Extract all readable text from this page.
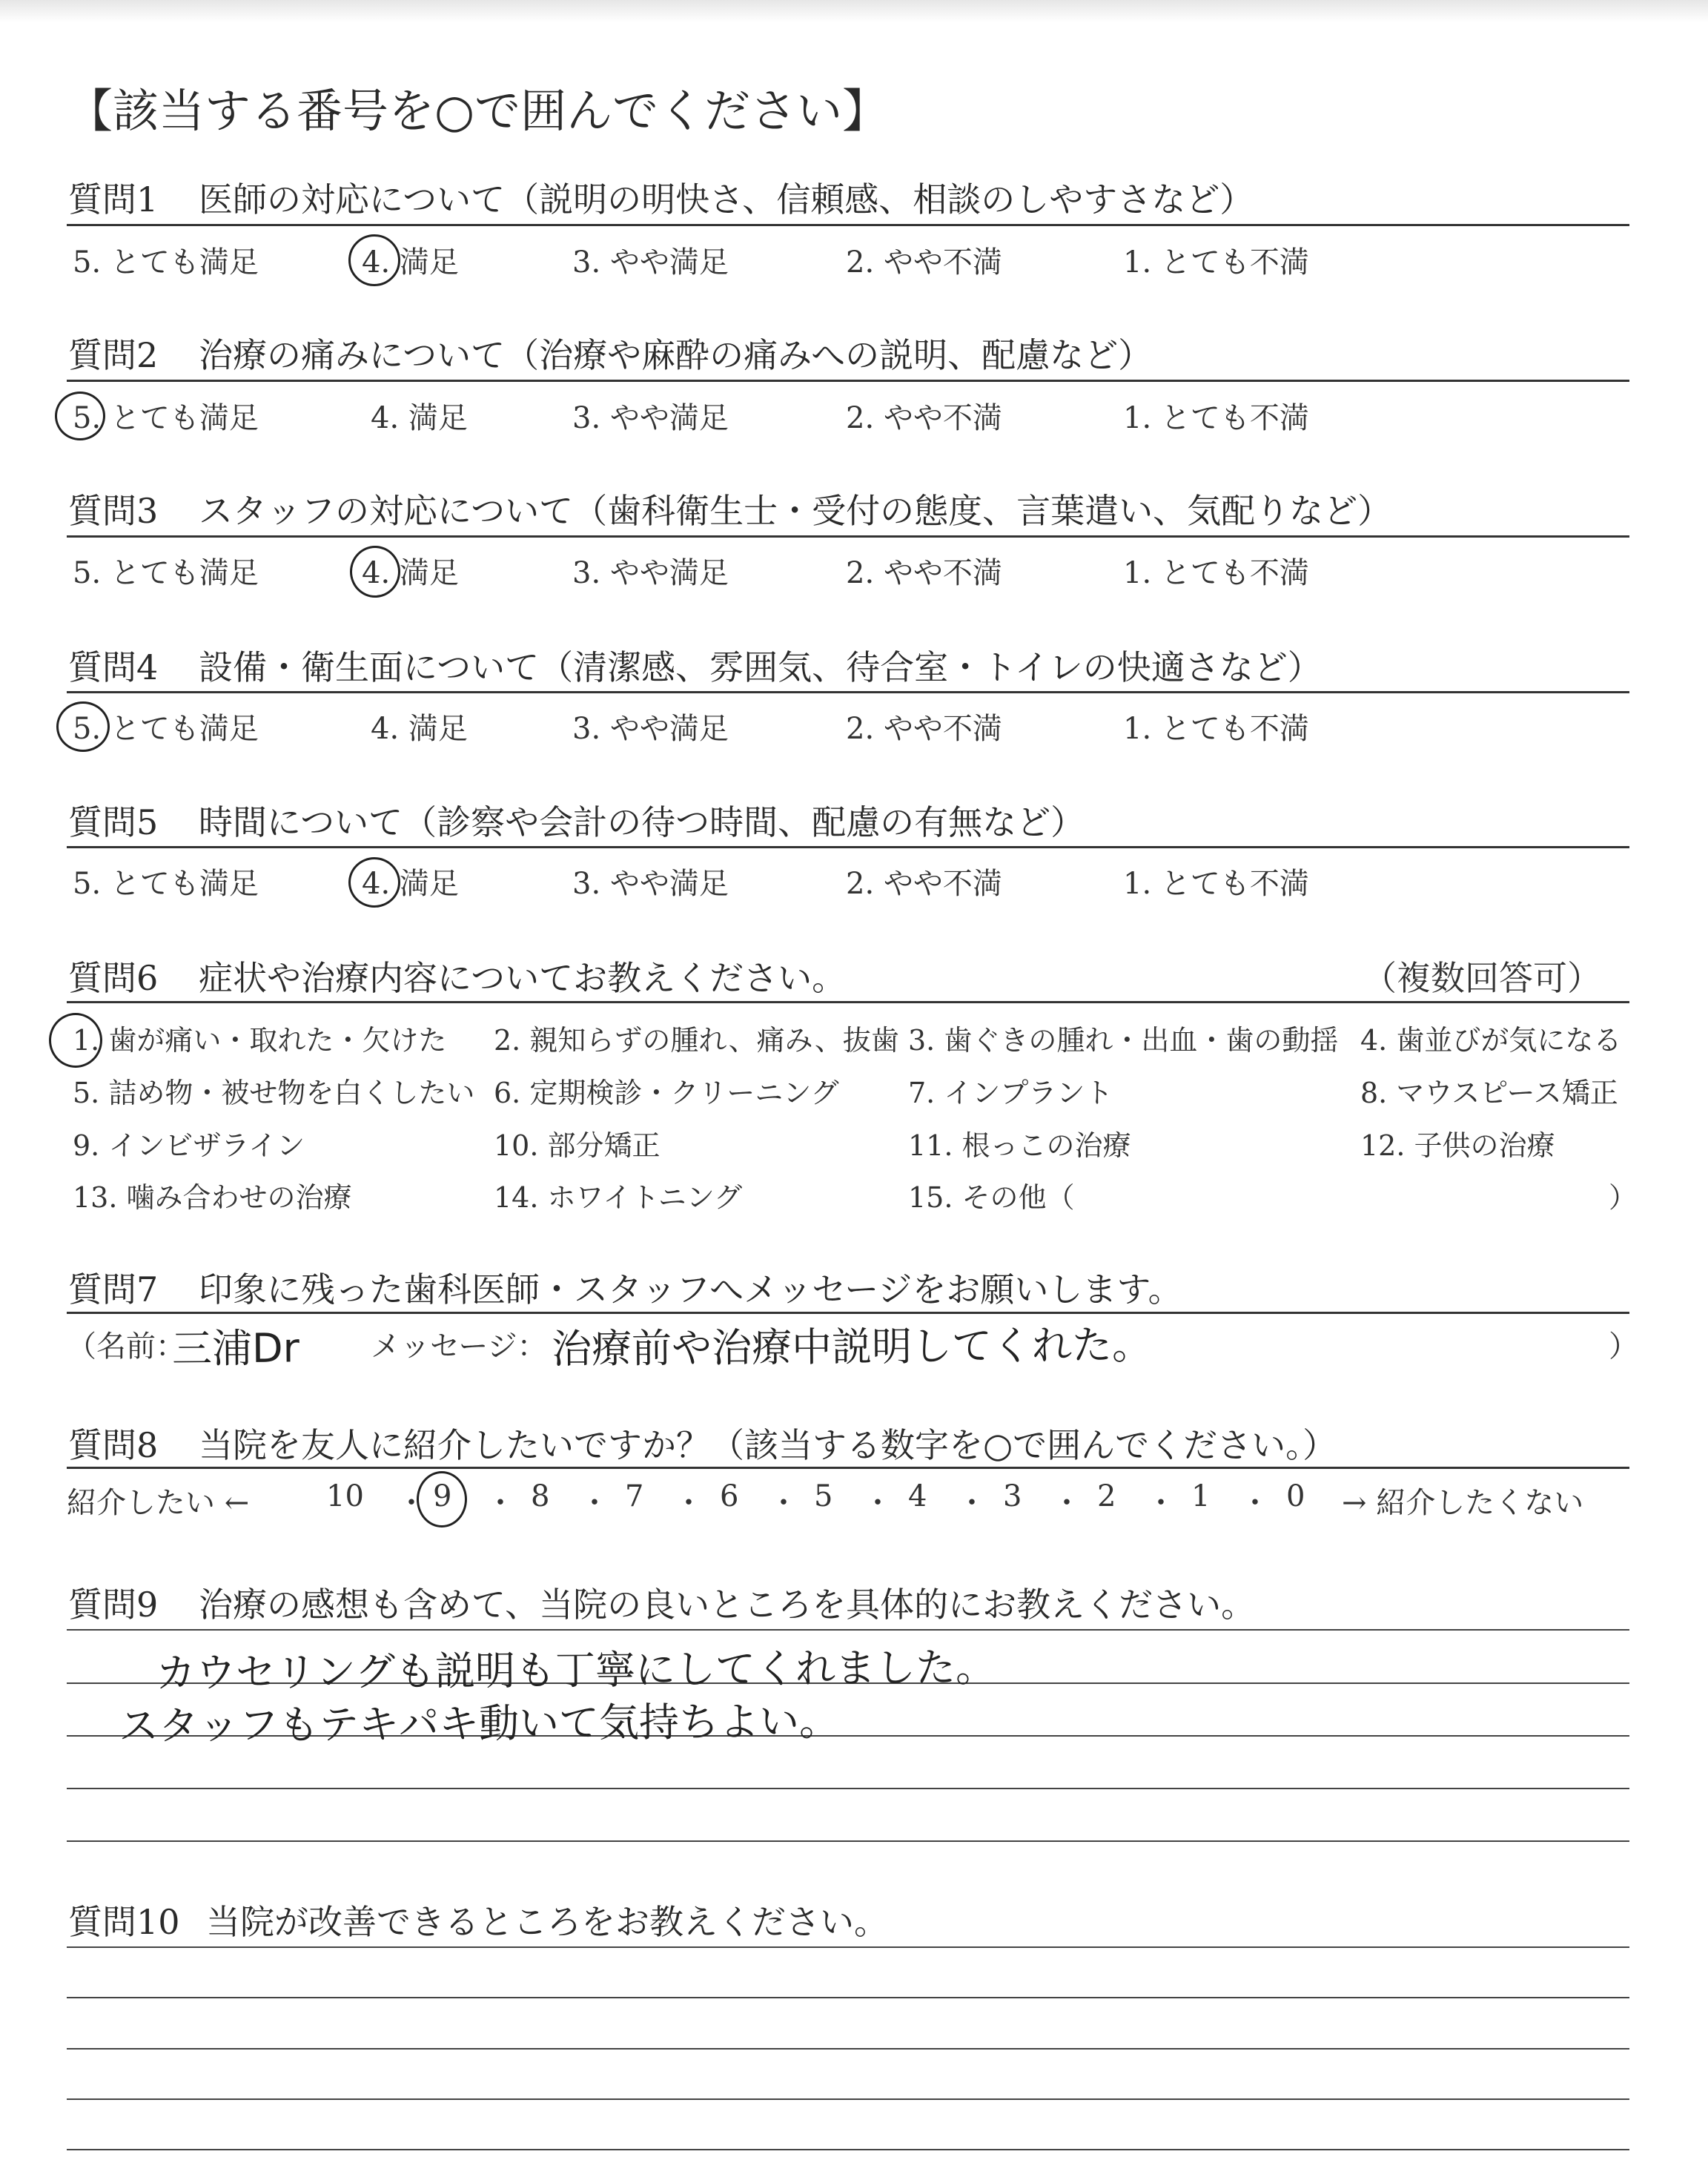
【該当する番号を○で囲んでください】
質問1 医師の対応について（説明の明快さ、信頼感、相談のしやすさなど）
5. とても満足	4. 満足	3. やや満足	2. やや不満	1. とても不満
質問2 治療の痛みについて（治療や麻酔の痛みへの説明、配慮など）
5. とても満足	4. 満足	3. やや満足	2. やや不満	1. とても不満
質問3 スタッフの対応について（歯科衛生士・受付の態度、言葉遣い、気配りなど）
5. とても満足	4. 満足	3. やや満足	2. やや不満	1. とても不満
質問4 設備・衛生面について（清潔感、雰囲気、待合室・トイレの快適さなど）
5. とても満足	4. 満足	3. やや満足	2. やや不満	1. とても不満
質問5 時間について（診察や会計の待つ時間、配慮の有無など）
5. とても満足	4. 満足	3. やや満足	2. やや不満	1. とても不満
質問6 症状や治療内容についてお教えください。	（複数回答可）
1. 歯が痛い・取れた・欠けた 2. 親知らずの腫れ、痛み、抜歯 3. 歯ぐきの腫れ・出血・歯の動揺 4. 歯並びが気になる
5. 詰め物・被せ物を白くしたい 6. 定期検診・クリーニング 7. インプラント	8. マウスピース矯正
9. インビザライン	10. 部分矯正	11. 根っこの治療	12. 子供の治療
13. 噛み合わせの治療	14. ホワイトニング	15. その他（	）
質問7 印象に残った歯科医師・スタッフへメッセージをお願いします。
（名前：
三浦Dr メッセージ： 治療前や治療中説明してくれた。	）
質問8 当院を友人に紹介したいですか？（該当する数字を○で囲んでください。）
紹介したい ←	10 ・ 9 ・ 8 ・ 7 ・ 6 ・ 5 ・ 4 ・ 3 ・ 2 ・ 1 ・ 0 → 紹介したくない
質問9 治療の感想も含めて、当院の良いところを具体的にお教えください。
カウセリングも説明も丁寧にしてくれました。
スタッフもテキパキ動いて気持ちよい。
質問10 当院が改善できるところをお教えください。
